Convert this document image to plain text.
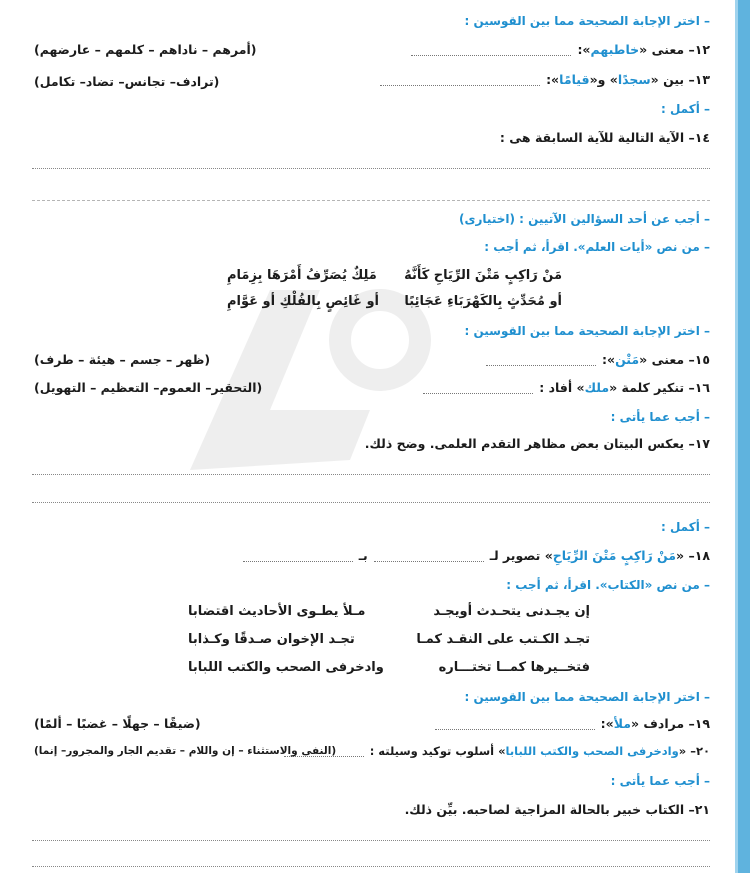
– اختر الإجابة الصحيحة مما بين القوسين :
١٢– معنى «خاطبهم»:
(أمرهم – ناداهم – كلمهم – عارضهم)
١٣– بين «سجدًا» و«قيامًا»:
(ترادف– تجانس– تضاد– تكامل)
– أكمل :
١٤– الآية التالية للآية السابقة هى :
– أجب عن أحد السؤالين الآتيين : (اختيارى)
– من نص «أيات العلم». اقرأ، ثم أجب :
مَنْ رَاكِبٍ مَتْنَ الرِّيَاحِ كَأَنَّهُ
مَلِكٌ يُصَرِّفُ أَمْرَهَا بِزِمَامِ
أو مُحَدِّثٍ بِالكَهْرَبَاءِ عَجَائِبًا
أو غَائِصٍ بِالفُلْكِ أو عَوَّامِ
– اختر الإجابة الصحيحة مما بين القوسين :
١٥– معنى «مَتْن»:
(ظهر – جسم – هيئة – طرف)
١٦– تنكير كلمة «ملك» أفاد :
(التحقير– العموم– التعظيم – التهويل)
– أجب عما يأتى :
١٧– يعكس البيتان بعض مظاهر التقدم العلمى. وضح ذلك.
– أكمل :
١٨– «مَنْ رَاكِبٍ مَتْنَ الرِّيَاحِ» تصوير لـبـ
– من نص «الكتاب». اقرأ، ثم أجب :
إن يجـدنى يتحـدث أويجـد
مـلأ يطـوى الأحاديث اقتضابا
تجـد الكـتب على النقـد كمـا
تجـد الإخوان صـدقًا وكـذابا
فتخــيرها كمــا تختـــاره
وادخرفى الصحب والكتب اللبابا
– اختر الإجابة الصحيحة مما بين القوسين :
١٩– مرادف «ملأ»:
(ضيقًا – جهلًا – غضبًا – ألمًا)
٢٠– «وادخرفى الصحب والكتب اللبابا» أسلوب توكيد وسيلته :
(النفى والاستثناء – إن واللام – تقديم الجار والمجرور– إنما)
– أجب عما يأتى :
٢١– الكتاب خبير بالحالة المزاجية لصاحبه. بيِّن ذلك.
